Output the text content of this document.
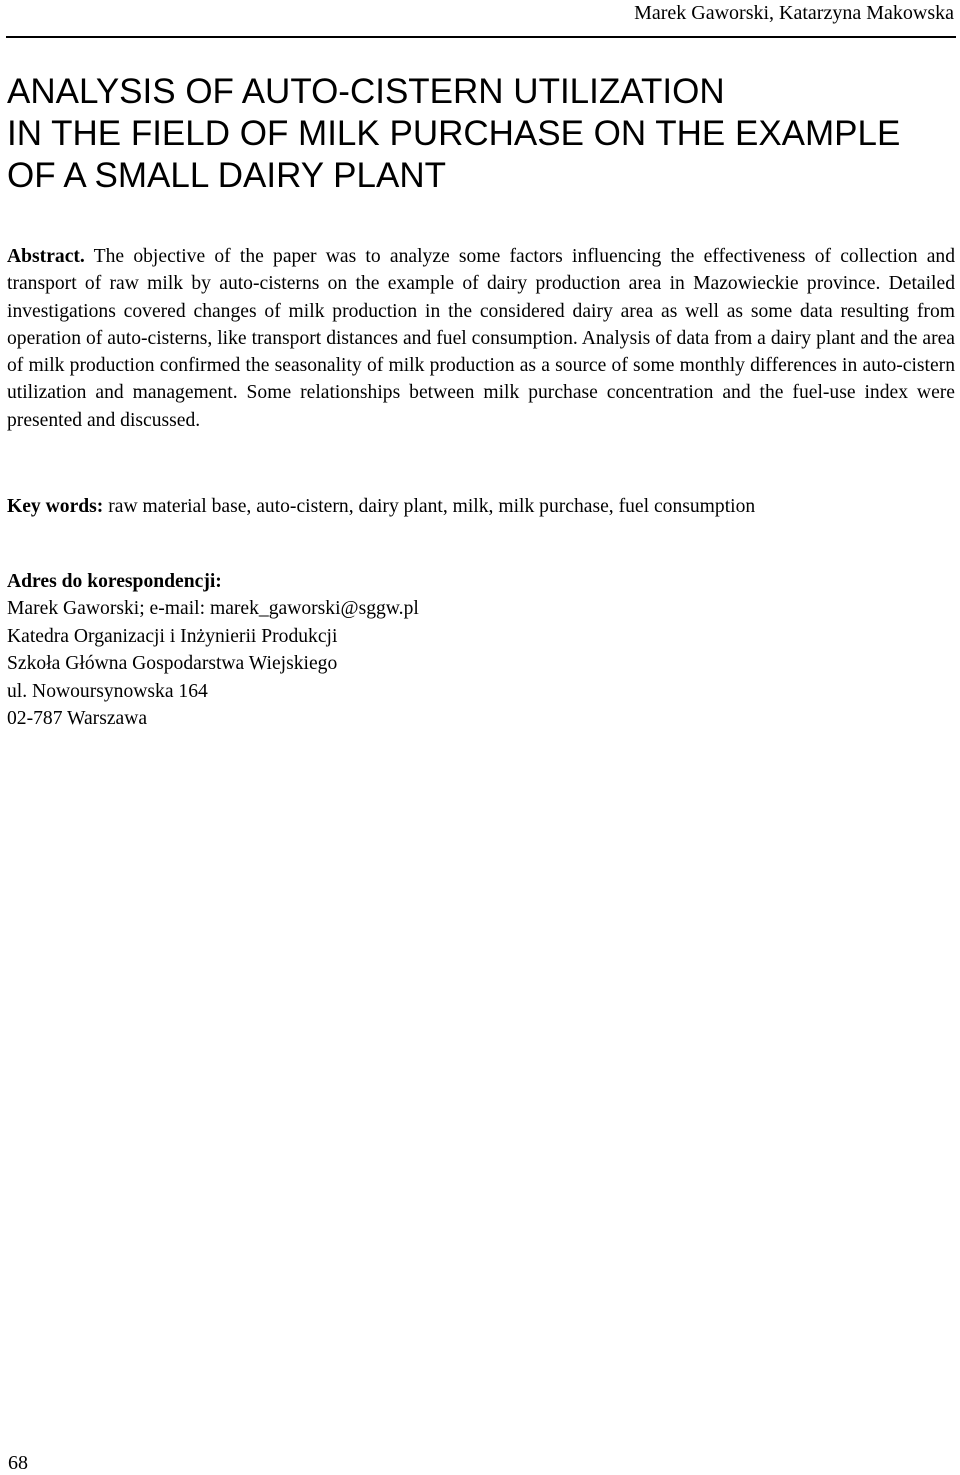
Marek Gaworski, Katarzyna Makowska
ANALYSIS OF AUTO-CISTERN UTILIZATION
IN THE FIELD OF MILK PURCHASE ON THE EXAMPLE
OF A SMALL DAIRY PLANT

Abstract. The objective of the paper was to analyze some factors influencing the effectiveness of collection and transport of raw milk by auto-cisterns on the example of dairy production area in Mazowieckie province. Detailed investigations covered changes of milk production in the considered dairy area as well as some data resulting from operation of auto-cisterns, like transport distances and fuel consumption. Analysis of data from a dairy plant and the area of milk production confirmed the seasonality of milk production as a source of some monthly differences in auto-cistern utilization and management. Some relationships between milk purchase concentration and the fuel-use index were presented and discussed.

Key words: raw material base, auto-cistern, dairy plant, milk, milk purchase, fuel consumption

Adres do korespondencji:
Marek Gaworski; e-mail: marek_gaworski@sggw.pl
Katedra Organizacji i Inżynierii Produkcji
Szkoła Główna Gospodarstwa Wiejskiego
ul. Nowoursynowska 164
02-787 Warszawa
68
